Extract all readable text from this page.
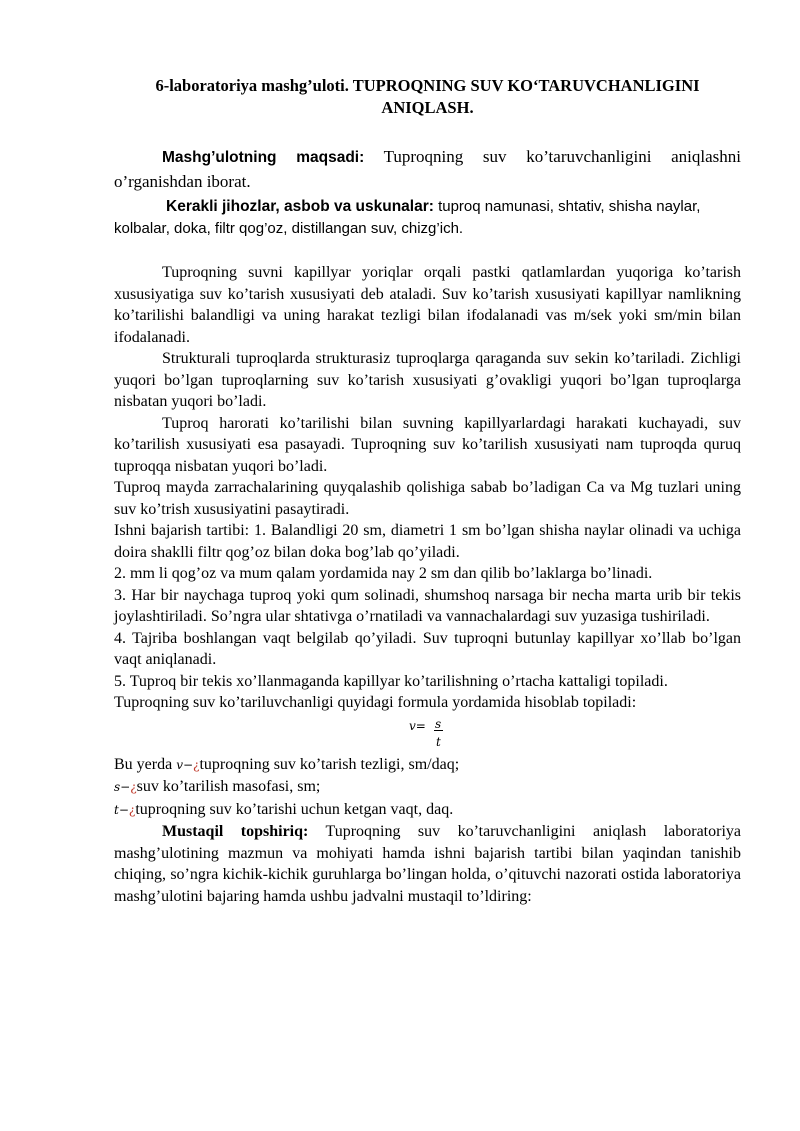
6-laboratoriya mashg’uloti. TUPROQNING SUV KO‘TARUVCHANLIGINI
ANIQLASH.

Mashg’ulotning maqsadi: Tuproqning suv ko’taruvchanligini aniqlashni o’rganishdan iborat.

Kerakli jihozlar, asbob va uskunalar: tuproq namunasi, shtativ, shisha naylar, kolbalar, doka, filtr qog’oz, distillangan suv, chizg’ich.

Tuproqning suvni kapillyar yoriqlar orqali pastki qatlamlardan yuqoriga ko’tarish xususiyatiga suv ko’tarish xususiyati deb ataladi. Suv ko’tarish xususiyati kapillyar namlikning ko’tarilishi balandligi va uning harakat tezligi bilan ifodalanadi vas m/sek yoki sm/min bilan ifodalanadi.

Strukturali tuproqlarda strukturasiz tuproqlarga qaraganda suv sekin ko’tariladi. Zichligi yuqori bo’lgan tuproqlarning suv ko’tarish xususiyati g’ovakligi yuqori bo’lgan tuproqlarga nisbatan yuqori bo’ladi.

Tuproq harorati ko’tarilishi bilan suvning kapillyarlardagi harakati kuchayadi, suv ko’tarilish xususiyati esa pasayadi. Tuproqning suv ko’tarilish xususiyati nam tuproqda quruq tuproqqa nisbatan yuqori bo’ladi.

Tuproq mayda zarrachalarining quyqalashib qolishiga sabab bo’ladigan Ca va Mg tuzlari uning suv ko’trish xususiyatini pasaytiradi.

Ishni bajarish tartibi: 1. Balandligi 20 sm, diametri 1 sm bo’lgan shisha naylar olinadi va uchiga doira shaklli filtr qog’oz bilan doka bog’lab qo’yiladi.

2. mm li qog’oz va mum qalam yordamida nay 2 sm dan qilib bo’laklarga bo’linadi.

3. Har bir naychaga tuproq yoki qum solinadi, shumshoq narsaga bir necha marta urib bir tekis joylashtiriladi. So’ngra ular shtativga o’rnatiladi va vannachalardagi suv yuzasiga tushiriladi.

4. Tajriba boshlangan vaqt belgilab qo’yiladi. Suv tuproqni butunlay kapillyar xo’llab bo’lgan vaqt aniqlanadi.

5. Tuproq bir tekis xo’llanmaganda kapillyar ko’tarilishning o’rtacha kattaligi topiladi.

Tuproqning suv ko’tariluvchanligi quyidagi formula yordamida hisoblab topiladi:

v= s
t

Bu yerda v−¿tuproqning suv ko’tarish tezligi, sm/daq;

s−¿suv ko’tarilish masofasi, sm;

t−¿tuproqning suv ko’tarishi uchun ketgan vaqt, daq.

Mustaqil topshiriq: Tuproqning suv ko’taruvchanligini aniqlash laboratoriya mashg’ulotining mazmun va mohiyati hamda ishni bajarish tartibi bilan yaqindan tanishib chiqing, so’ngra kichik-kichik guruhlarga bo’lingan holda, o’qituvchi nazorati ostida laboratoriya mashg’ulotini bajaring hamda ushbu jadvalni mustaqil to’ldiring:
